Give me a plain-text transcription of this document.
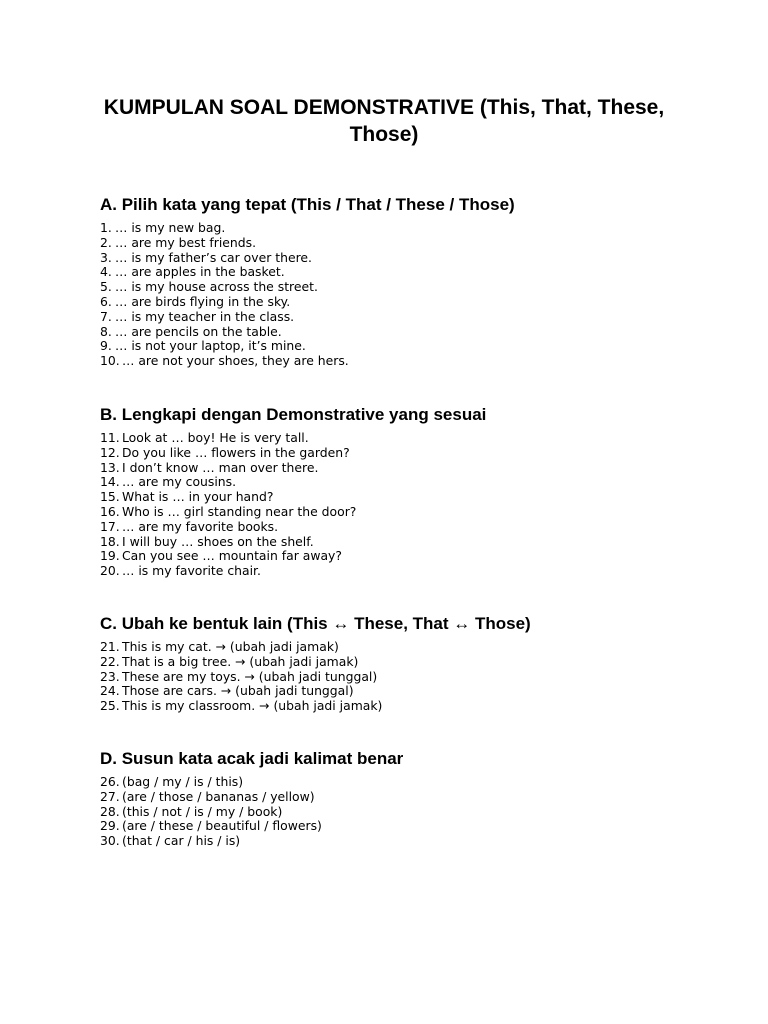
KUMPULAN SOAL DEMONSTRATIVE (This, That, These, Those)
A. Pilih kata yang tepat (This / That / These / Those)
1. … is my new bag.
2. … are my best friends.
3. … is my father’s car over there.
4. … are apples in the basket.
5. … is my house across the street.
6. … are birds flying in the sky.
7. … is my teacher in the class.
8. … are pencils on the table.
9. … is not your laptop, it’s mine.
10. … are not your shoes, they are hers.
B. Lengkapi dengan Demonstrative yang sesuai
11. Look at … boy! He is very tall.
12. Do you like … flowers in the garden?
13. I don’t know … man over there.
14. … are my cousins.
15. What is … in your hand?
16. Who is … girl standing near the door?
17. … are my favorite books.
18. I will buy … shoes on the shelf.
19. Can you see … mountain far away?
20. … is my favorite chair.
C. Ubah ke bentuk lain (This ↔ These, That ↔ Those)
21. This is my cat. → (ubah jadi jamak)
22. That is a big tree. → (ubah jadi jamak)
23. These are my toys. → (ubah jadi tunggal)
24. Those are cars. → (ubah jadi tunggal)
25. This is my classroom. → (ubah jadi jamak)
D. Susun kata acak jadi kalimat benar
26. (bag / my / is / this)
27. (are / those / bananas / yellow)
28. (this / not / is / my / book)
29. (are / these / beautiful / flowers)
30. (that / car / his / is)
